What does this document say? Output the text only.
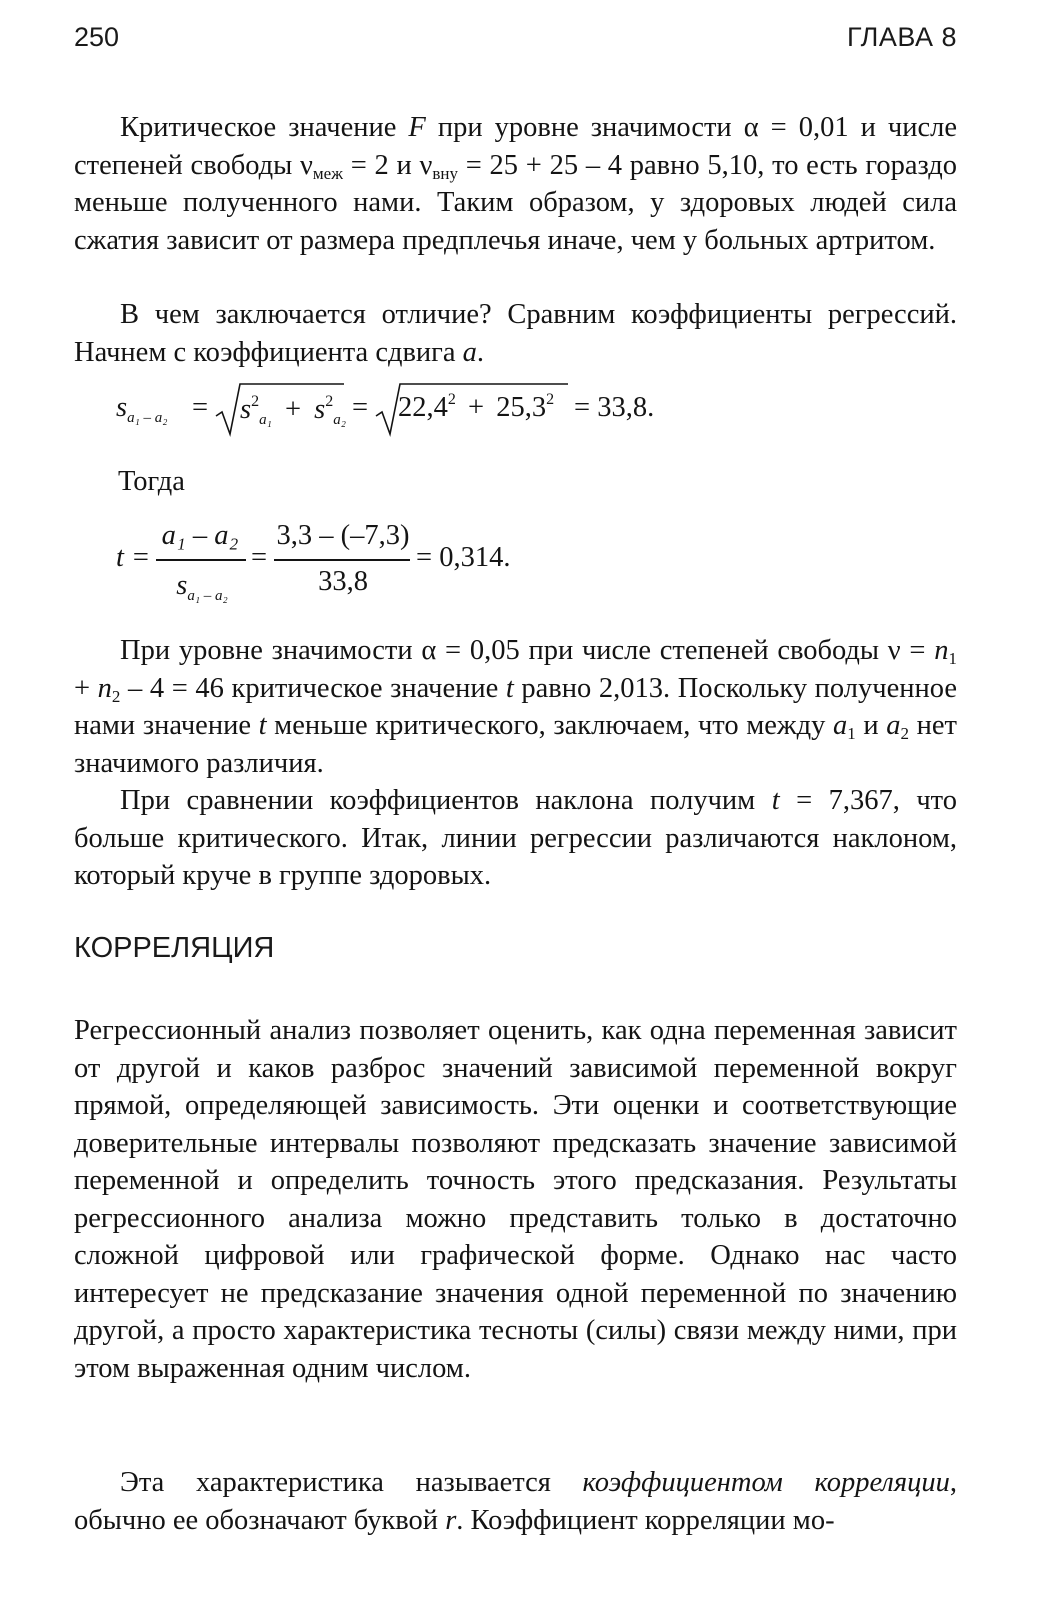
250	ГЛАВА 8

Критическое значение F при уровне значимости α = 0,01 и числе степеней свободы $\nu_{меж} = 2$ и $\nu_{вну} = 25 + 25 - 4$ равно 5,10, то есть гораздо меньше полученного нами. Таким образом, у здоровых людей сила сжатия зависит от размера предплечья иначе, чем у больных артритом.

В чем заключается отличие? Сравним коэффициенты регрессий. Начнем с коэффициента сдвига a.

$s_{a_1 - a_2} = s^2_{a_1} + s^2_{a_2} = 22,4^2 + 25,3^2 = 33,8$.
Тогда
t =
a₁ – a₂
$s_{a_1 - a_2}$
=
3,3 – (–7,3)
33,8
= 0,314.

При уровне значимости α = 0,05 при числе степеней свободы $\nu = n_1 + n_2 - 4 = 46$ критическое значение t равно 2,013. Поскольку полученное нами значение t меньше критического, заключаем, что между $a_1$ и $a_2$ нет значимого различия.

При сравнении коэффициентов наклона получим t = 7,367, что больше критического. Итак, линии регрессии различаются наклоном, который круче в группе здоровых.

КОРРЕЛЯЦИЯ

Регрессионный анализ позволяет оценить, как одна переменная зависит от другой и каков разброс значений зависимой переменной вокруг прямой, определяющей зависимость. Эти оценки и соответствующие доверительные интервалы позволяют предсказать значение зависимой переменной и определить точность этого предсказания. Результаты регрессионного анализа можно представить только в достаточно сложной цифровой или графической форме. Однако нас часто интересует не предсказание значения одной переменной по значению другой, а просто характеристика тесноты (силы) связи между ними, при этом выраженная одним числом.

Эта характеристика называется коэффициентом корреляции, обычно ее обозначают буквой r. Коэффициент корреляции мо-
